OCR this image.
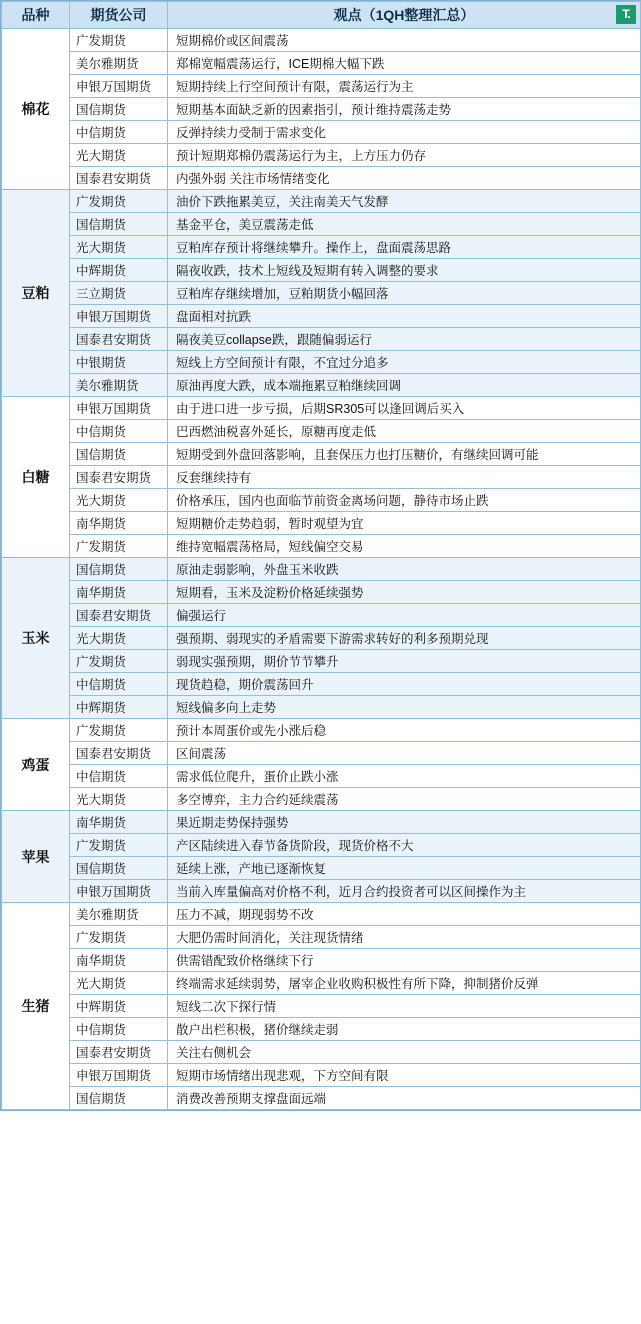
品种	期货公司	观点（1QH整理汇总） T.

棉花	广发期货	短期棉价或区间震荡
	美尔雅期货	郑棉宽幅震荡运行，ICE期棉大幅下跌
	申银万国期货	短期持续上行空间预计有限，震荡运行为主
	国信期货	短期基本面缺乏新的因素指引，预计维持震荡走势
	中信期货	反弹持续力受制于需求变化
	光大期货	预计短期郑棉仍震荡运行为主，上方压力仍存
	国泰君安期货	内强外弱 关注市场情绪变化
豆粕	广发期货	油价下跌拖累美豆，关注南美天气发酵
	国信期货	基金平仓，美豆震荡走低
	光大期货	豆粕库存预计将继续攀升。操作上，盘面震荡思路
	中辉期货	隔夜收跌，技术上短线及短期有转入调整的要求
	三立期货	豆粕库存继续增加，豆粕期货小幅回落
	申银万国期货	盘面相对抗跌
	国泰君安期货	隔夜美豆collapse跌，跟随偏弱运行
	中银期货	短线上方空间预计有限，不宜过分追多
	美尔雅期货	原油再度大跌，成本端拖累豆粕继续回调
白糖	申银万国期货	由于进口进一步亏损，后期SR305可以逢回调后买入
	中信期货	巴西燃油税喜外延长，原糖再度走低
	国信期货	短期受到外盘回落影响，且套保压力也打压糖价，有继续回调可能
	国泰君安期货	反套继续持有
	光大期货	价格承压，国内也面临节前资金离场问题，静待市场止跌
	南华期货	短期糖价走势趋弱，暂时观望为宜
	广发期货	维持宽幅震荡格局，短线偏空交易
玉米	国信期货	原油走弱影响，外盘玉米收跌
	南华期货	短期看，玉米及淀粉价格延续强势
	国泰君安期货	偏强运行
	光大期货	强预期、弱现实的矛盾需要下游需求转好的利多预期兑现
	广发期货	弱现实强预期，期价节节攀升
	中信期货	现货趋稳，期价震荡回升
	中辉期货	短线偏多向上走势
鸡蛋	广发期货	预计本周蛋价或先小涨后稳
	国泰君安期货	区间震荡
	中信期货	需求低位爬升，蛋价止跌小涨
	光大期货	多空博弈，主力合约延续震荡
苹果	南华期货	果近期走势保持强势
	广发期货	产区陆续进入春节备货阶段，现货价格不大
	国信期货	延续上涨，产地已逐渐恢复
	申银万国期货	当前入库量偏高对价格不利，近月合约投资者可以区间操作为主
生猪	美尔雅期货	压力不减，期现弱势不改
	广发期货	大肥仍需时间消化，关注现货情绪
	南华期货	供需错配致价格继续下行
	光大期货	终端需求延续弱势，屠宰企业收购积极性有所下降，抑制猪价反弹
	中辉期货	短线二次下探行情
	中信期货	散户出栏积极，猪价继续走弱
	国泰君安期货	关注右侧机会
	申银万国期货	短期市场情绪出现悲观，下方空间有限
	国信期货	消费改善预期支撑盘面远端
